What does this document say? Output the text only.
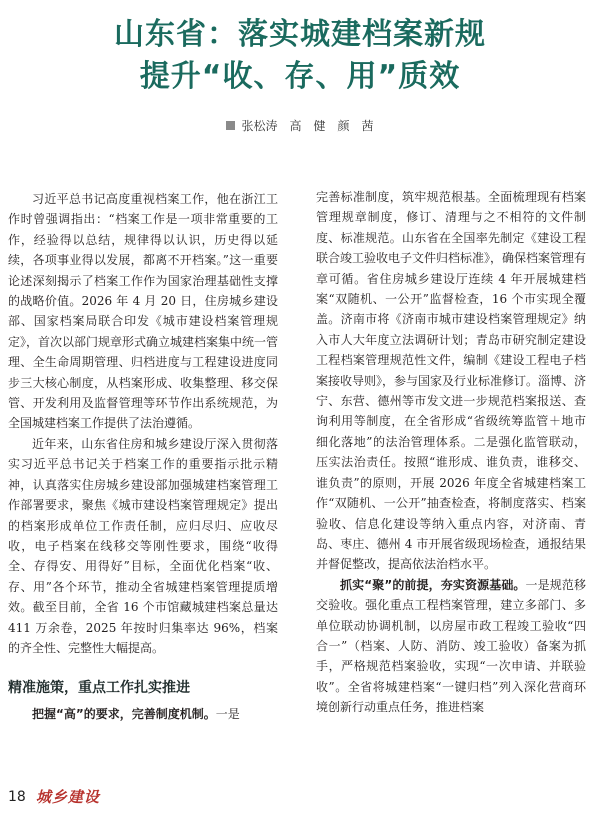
山东省：落实城建档案新规
提升“收、存、用”质效
张松涛　高　健　颜　茜

习近平总书记高度重视档案工作，他在浙江工作时曾强调指出：“档案工作是一项非常重要的工作，经验得以总结，规律得以认识，历史得以延续，各项事业得以发展，都离不开档案。”这一重要论述深刻揭示了档案工作作为国家治理基础性支撑的战略价值。2026 年 4 月 20 日，住房城乡建设部、国家档案局联合印发《城市建设档案管理规定》，首次以部门规章形式确立城建档案集中统一管理、全生命周期管理、归档进度与工程建设进度同步三大核心制度，从档案形成、收集整理、移交保管、开发利用及监督管理等环节作出系统规范，为全国城建档案工作提供了法治遵循。

近年来，山东省住房和城乡建设厅深入贯彻落实习近平总书记关于档案工作的重要指示批示精神，认真落实住房城乡建设部加强城建档案管理工作部署要求，聚焦《城市建设档案管理规定》提出的档案形成单位工作责任制，应归尽归、应收尽收，电子档案在线移交等刚性要求，围绕“收得全、存得安、用得好”目标，全面优化档案“收、存、用”各个环节，推动全省城建档案管理提质增效。截至目前，全省 16 个市馆藏城建档案总量达 411 万余卷，2025 年按时归集率达 96%，档案的齐全性、完整性大幅提高。

精准施策，重点工作扎实推进

把握“高”的要求，完善制度机制。一是

完善标准制度，筑牢规范根基。全面梳理现有档案管理规章制度，修订、清理与之不相符的文件制度、标准规范。山东省在全国率先制定《建设工程联合竣工验收电子文件归档标准》，确保档案管理有章可循。省住房城乡建设厅连续 4 年开展城建档案“双随机、一公开”监督检查，16 个市实现全覆盖。济南市将《济南市城市建设档案管理规定》纳入市人大年度立法调研计划；青岛市研究制定建设工程档案管理规范性文件，编制《建设工程电子档案接收导则》，参与国家及行业标准修订。淄博、济宁、东营、德州等市发文进一步规范档案报送、查询利用等制度，在全省形成“省级统筹监管＋地市细化落地”的法治管理体系。二是强化监管联动，压实法治责任。按照“谁形成、谁负责，谁移交、谁负责”的原则，开展 2026 年度全省城建档案工作“双随机、一公开”抽查检查，将制度落实、档案验收、信息化建设等纳入重点内容，对济南、青岛、枣庄、德州 4 市开展省级现场检查，通报结果并督促整改，提高依法治档水平。

抓实“聚”的前提，夯实资源基础。一是规范移交验收。强化重点工程档案管理，建立多部门、多单位联动协调机制，以房屋市政工程竣工验收“四合一”（档案、人防、消防、竣工验收）备案为抓手，严格规范档案验收，实现“一次申请、并联验收”。全省将城建档案“一键归档”列入深化营商环境创新行动重点任务，推进档案

18 城乡建设
